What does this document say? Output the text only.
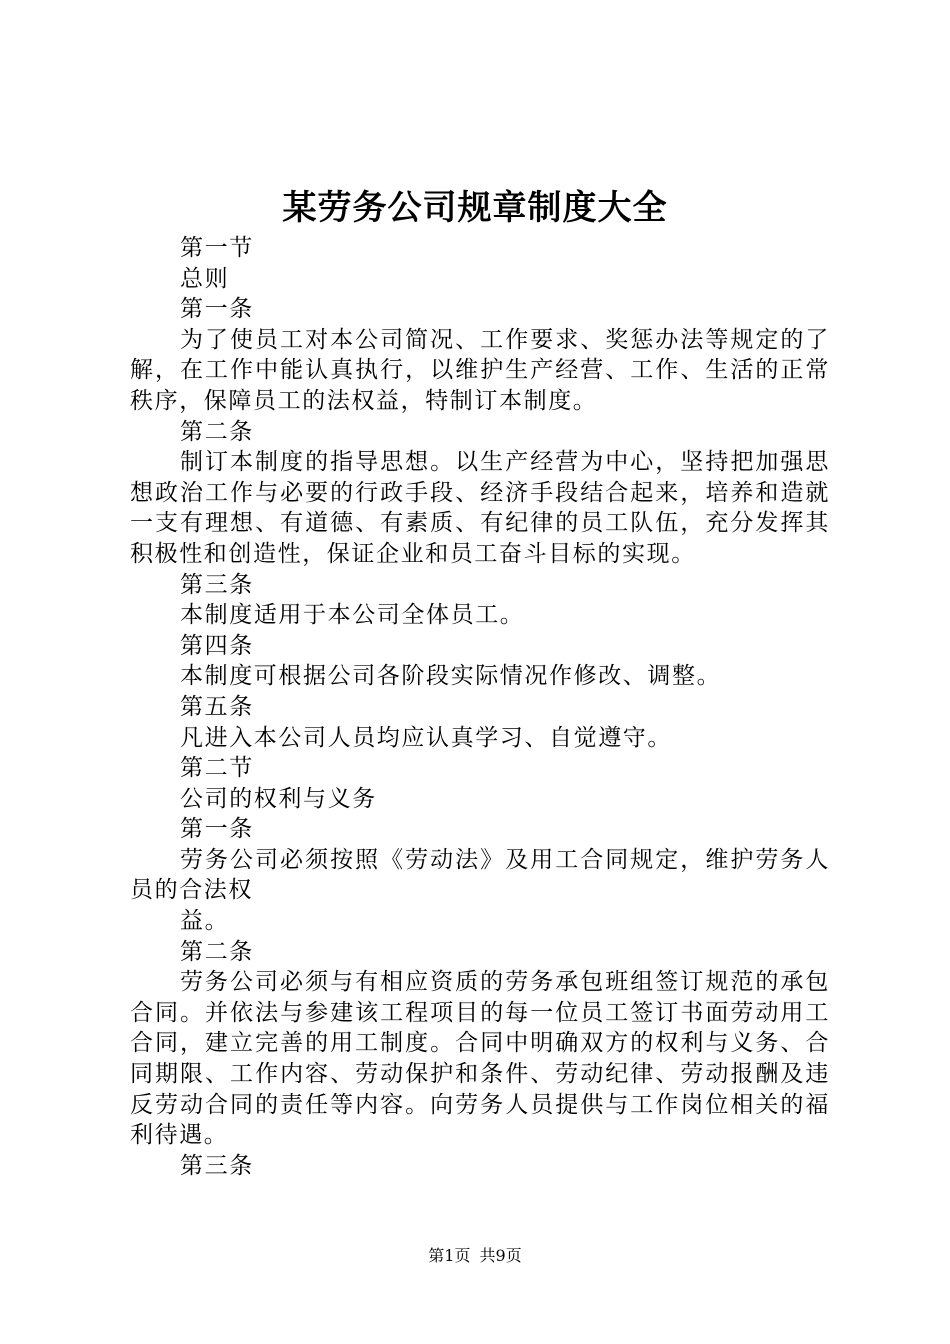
某劳务公司规章制度大全

第一节

总则

第一条

为了使员工对本公司简况、工作要求、奖惩办法等规定的了解，在工作中能认真执行，以维护生产经营、工作、生活的正常秩序，保障员工的法权益，特制订本制度。

第二条

制订本制度的指导思想。以生产经营为中心，坚持把加强思想政治工作与必要的行政手段、经济手段结合起来，培养和造就一支有理想、有道德、有素质、有纪律的员工队伍，充分发挥其积极性和创造性，保证企业和员工奋斗目标的实现。

第三条

本制度适用于本公司全体员工。

第四条

本制度可根据公司各阶段实际情况作修改、调整。

第五条

凡进入本公司人员均应认真学习、自觉遵守。

第二节

公司的权利与义务

第一条

劳务公司必须按照《劳动法》及用工合同规定，维护劳务人员的合法权

益。

第二条

劳务公司必须与有相应资质的劳务承包班组签订规范的承包合同。并依法与参建该工程项目的每一位员工签订书面劳动用工合同，建立完善的用工制度。合同中明确双方的权利与义务、合同期限、工作内容、劳动保护和条件、劳动纪律、劳动报酬及违反劳动合同的责任等内容。向劳务人员提供与工作岗位相关的福利待遇。

第三条

第1页 共9页
